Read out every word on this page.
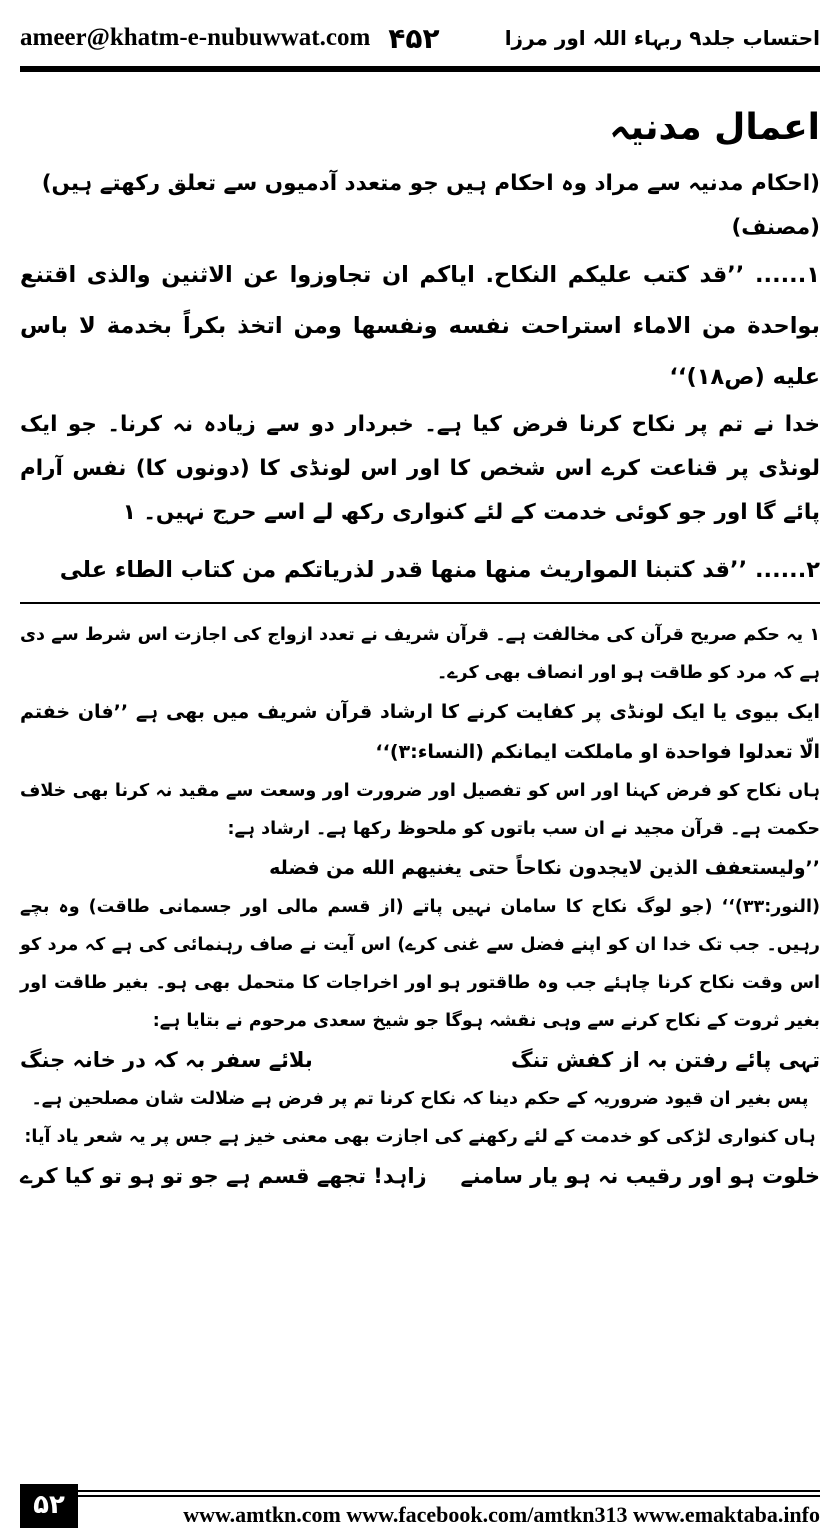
ameer@khatm-e-nubuwwat.com ۴۵۲	احتساب جلد۹ ربہاء اللہ اور مرزا
اعمال مدنیہ

(احکام مدنیہ سے مراد وہ احکام ہیں جو متعدد آدمیوں سے تعلق رکھتے ہیں)(مصنف)

۱...... ’’قد کتب علیکم النکاح. ایاکم ان تجاوزوا عن الاثنین والذی اقتنع بواحدة من الاماء استراحت نفسه ونفسها ومن اتخذ بکراً بخدمة لا باس علیه (ص۱۸)‘‘

خدا نے تم پر نکاح کرنا فرض کیا ہے۔ خبردار دو سے زیادہ نہ کرنا۔ جو ایک لونڈی پر قناعت کرے اس شخص کا اور اس لونڈی کا (دونوں کا) نفس آرام پائے گا اور جو کوئی خدمت کے لئے کنواری رکھ لے اسے حرج نہیں۔ ۱

۲...... ’’قد کتبنا المواریث منها منها قدر لذریاتکم من کتاب الطاء علی

۱ یہ حکم صریح قرآن کی مخالفت ہے۔ قرآن شریف نے تعدد ازواج کی اجازت اس شرط سے دی ہے کہ مرد کو طاقت ہو اور انصاف بھی کرے۔

ایک بیوی یا ایک لونڈی پر کفایت کرنے کا ارشاد قرآن شریف میں بھی ہے ’’فان خفتم الّا تعدلوا فواحدة او ماملکت ایمانکم (النساء:۳)‘‘

ہاں نکاح کو فرض کہنا اور اس کو تفصیل اور ضرورت اور وسعت سے مقید نہ کرنا بھی خلاف حکمت ہے۔ قرآن مجید نے ان سب باتوں کو ملحوظ رکھا ہے۔ ارشاد ہے:

’’ولیستعفف الذین لایجدون نکاحاً حتی یغنیهم الله من فضله

(النور:۳۳)‘‘ (جو لوگ نکاح کا سامان نہیں پاتے (از قسم مالی اور جسمانی طاقت) وہ بچے رہیں۔ جب تک خدا ان کو اپنے فضل سے غنی کرے) اس آیت نے صاف رہنمائی کی ہے کہ مرد کو اس وقت نکاح کرنا چاہئے جب وہ طاقتور ہو اور اخراجات کا متحمل بھی ہو۔ بغیر طاقت اور بغیر ثروت کے نکاح کرنے سے وہی نقشہ ہوگا جو شیخ سعدی مرحوم نے بتایا ہے:

تہی پائے رفتن بہ از کفش تنگ
بلائے سفر بہ کہ در خانہ جنگ

پس بغیر ان قیود ضروریہ کے حکم دینا کہ نکاح کرنا تم پر فرض ہے ضلالت شان مصلحین ہے۔

ہاں کنواری لڑکی کو خدمت کے لئے رکھنے کی اجازت بھی معنی خیز ہے جس پر یہ شعر یاد آیا:

خلوت ہو اور رقیب نہ ہو یار سامنے
زاہد! تجھے قسم ہے جو تو ہو تو کیا کرے
۵۲	www.amtkn.com www.facebook.com/amtkn313 www.emaktaba.info
